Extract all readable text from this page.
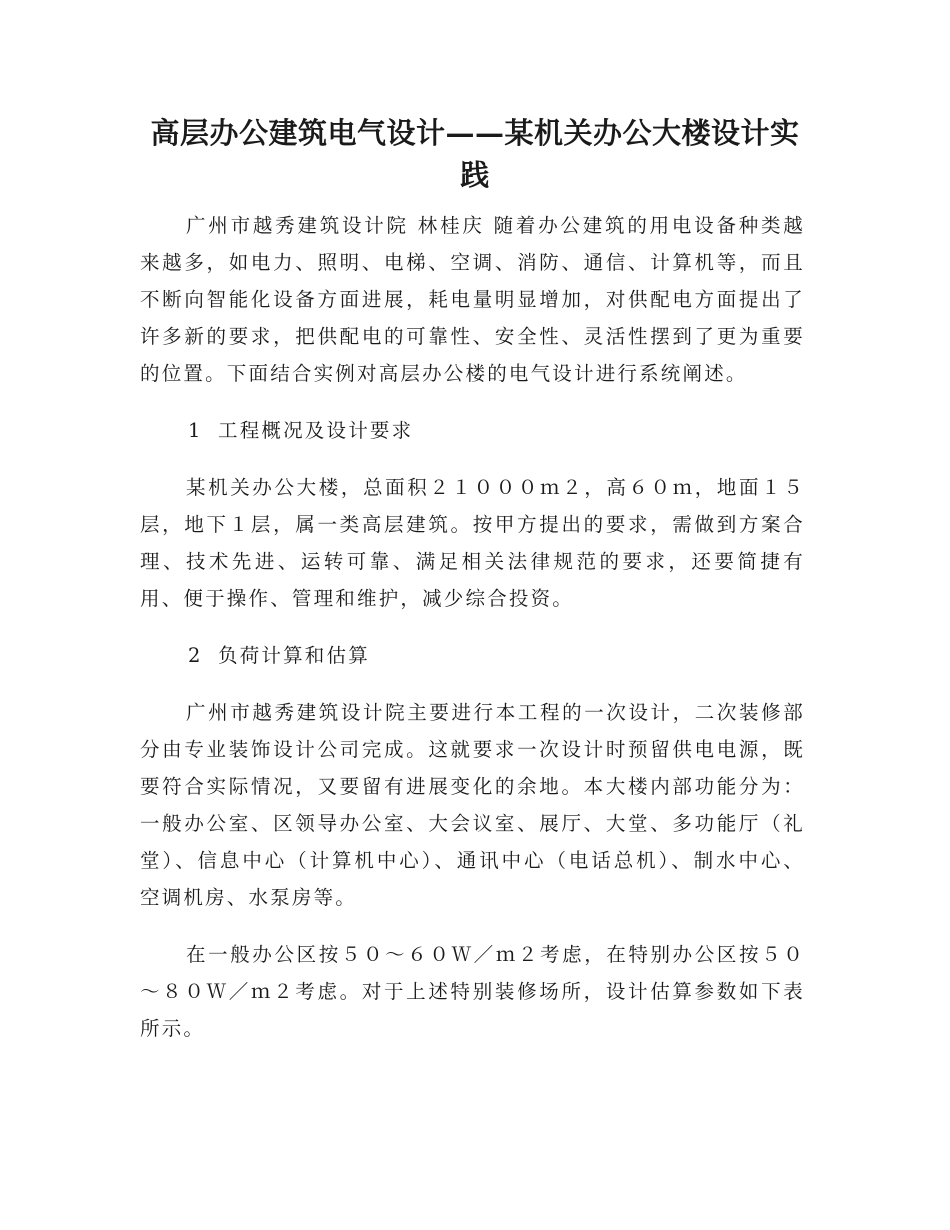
高层办公建筑电气设计——某机关办公大楼设计实践

广州市越秀建筑设计院 林桂庆 随着办公建筑的用电设备种类越来越多，如电力、照明、电梯、空调、消防、通信、计算机等，而且不断向智能化设备方面进展，耗电量明显增加，对供配电方面提出了许多新的要求，把供配电的可靠性、安全性、灵活性摆到了更为重要的位置。下面结合实例对高层办公楼的电气设计进行系统阐述。

1 工程概况及设计要求

某机关办公大楼，总面积２１０００ｍ２，高６０ｍ，地面１５层，地下１层，属一类高层建筑。按甲方提出的要求，需做到方案合理、技术先进、运转可靠、满足相关法律规范的要求，还要简捷有用、便于操作、管理和维护，减少综合投资。

2 负荷计算和估算

广州市越秀建筑设计院主要进行本工程的一次设计，二次装修部分由专业装饰设计公司完成。这就要求一次设计时预留供电电源，既要符合实际情况，又要留有进展变化的余地。本大楼内部功能分为：一般办公室、区领导办公室、大会议室、展厅、大堂、多功能厅（礼堂）、信息中心（计算机中心）、通讯中心（电话总机）、制水中心、空调机房、水泵房等。

在一般办公区按５０～６０Ｗ／ｍ２考虑，在特别办公区按５０～８０Ｗ／ｍ２考虑。对于上述特别装修场所，设计估算参数如下表所示。
